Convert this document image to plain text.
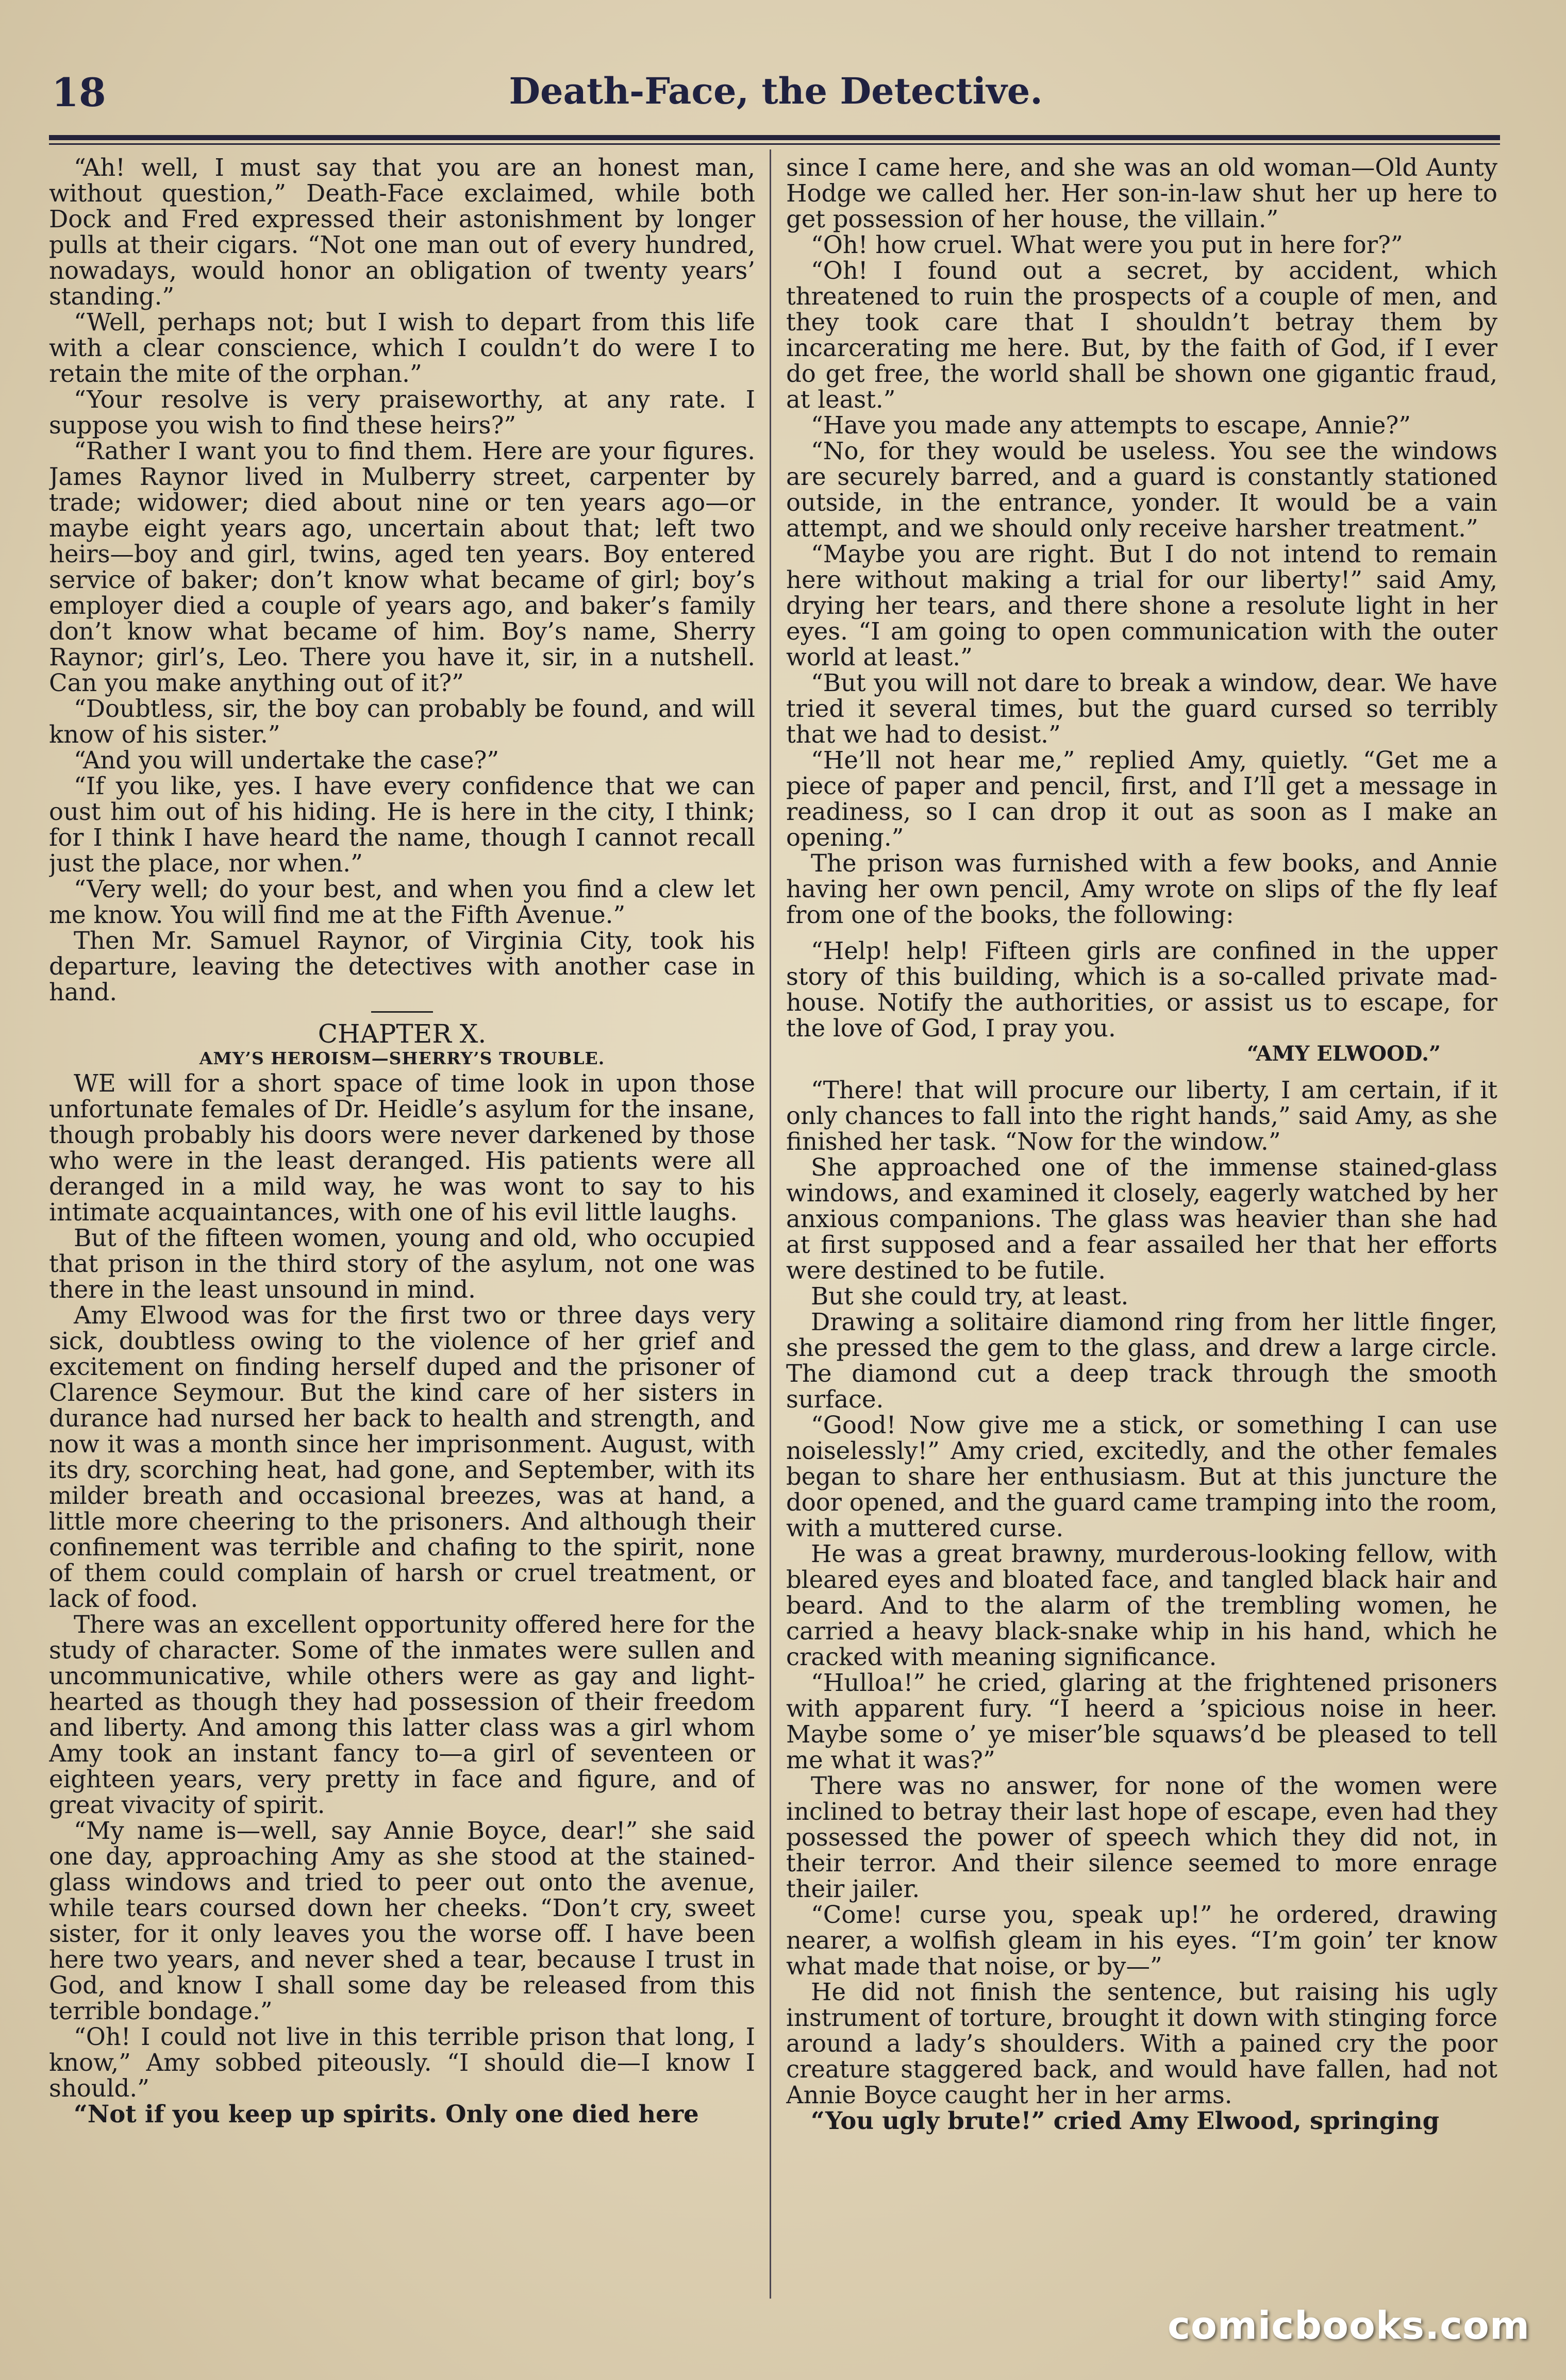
18	Death-Face, the Detective.

“Ah! well, I must say that you are an honest man, without question,” Death-Face exclaimed, while both Dock and Fred expressed their astonishment by longer pulls at their cigars. “Not one man out of every hundred, nowadays, would honor an obligation of twenty years’ standing.”

“Well, perhaps not; but I wish to depart from this life with a clear conscience, which I couldn’t do were I to retain the mite of the orphan.”

“Your resolve is very praiseworthy, at any rate. I suppose you wish to find these heirs?”

“Rather I want you to find them. Here are your figures. James Raynor lived in Mulberry street, carpenter by trade; widower; died about nine or ten years ago—or maybe eight years ago, uncertain about that; left two heirs—boy and girl, twins, aged ten years. Boy entered service of baker; don’t know what became of girl; boy’s employer died a couple of years ago, and baker’s family don’t know what became of him. Boy’s name, Sherry Raynor; girl’s, Leo. There you have it, sir, in a nutshell. Can you make anything out of it?”

“Doubtless, sir, the boy can probably be found, and will know of his sister.”

“And you will undertake the case?”

“If you like, yes. I have every confidence that we can oust him out of his hiding. He is here in the city, I think; for I think I have heard the name, though I cannot recall just the place, nor when.”

“Very well; do your best, and when you find a clew let me know. You will find me at the Fifth Avenue.”

Then Mr. Samuel Raynor, of Virginia City, took his departure, leaving the detectives with another case in hand.

CHAPTER X.

AMY’S HEROISM—SHERRY’S TROUBLE.

WE will for a short space of time look in upon those unfortunate females of Dr. Heidle’s asylum for the insane, though probably his doors were never darkened by those who were in the least deranged. His patients were all deranged in a mild way, he was wont to say to his intimate acquaintances, with one of his evil little laughs.

But of the fifteen women, young and old, who occupied that prison in the third story of the asylum, not one was there in the least unsound in mind.

Amy Elwood was for the first two or three days very sick, doubtless owing to the violence of her grief and excitement on finding herself duped and the prisoner of Clarence Seymour. But the kind care of her sisters in durance had nursed her back to health and strength, and now it was a month since her imprisonment. August, with its dry, scorching heat, had gone, and September, with its milder breath and occasional breezes, was at hand, a little more cheering to the prisoners. And although their confinement was terrible and chafing to the spirit, none of them could complain of harsh or cruel treatment, or lack of food.

There was an excellent opportunity offered here for the study of character. Some of the inmates were sullen and uncommunicative, while others were as gay and light-hearted as though they had possession of their freedom and liberty. And among this latter class was a girl whom Amy took an instant fancy to—a girl of seventeen or eighteen years, very pretty in face and figure, and of great vivacity of spirit.

“My name is—well, say Annie Boyce, dear!” she said one day, approaching Amy as she stood at the stained-glass windows and tried to peer out onto the avenue, while tears coursed down her cheeks. “Don’t cry, sweet sister, for it only leaves you the worse off. I have been here two years, and never shed a tear, because I trust in God, and know I shall some day be released from this terrible bondage.”

“Oh! I could not live in this terrible prison that long, I know,” Amy sobbed piteously. “I should die—I know I should.”

“Not if you keep up spirits. Only one died here

since I came here, and she was an old woman—Old Aunty Hodge we called her. Her son-in-law shut her up here to get possession of her house, the villain.”

“Oh! how cruel. What were you put in here for?”

“Oh! I found out a secret, by accident, which threatened to ruin the prospects of a couple of men, and they took care that I shouldn’t betray them by incarcerating me here. But, by the faith of God, if I ever do get free, the world shall be shown one gigantic fraud, at least.”

“Have you made any attempts to escape, Annie?”

“No, for they would be useless. You see the windows are securely barred, and a guard is constantly stationed outside, in the entrance, yonder. It would be a vain attempt, and we should only receive harsher treatment.”

“Maybe you are right. But I do not intend to remain here without making a trial for our liberty!” said Amy, drying her tears, and there shone a resolute light in her eyes. “I am going to open communication with the outer world at least.”

“But you will not dare to break a window, dear. We have tried it several times, but the guard cursed so terribly that we had to desist.”

“He’ll not hear me,” replied Amy, quietly. “Get me a piece of paper and pencil, first, and I’ll get a message in readiness, so I can drop it out as soon as I make an opening.”

The prison was furnished with a few books, and Annie having her own pencil, Amy wrote on slips of the fly leaf from one of the books, the following:

“Help! help! Fifteen girls are confined in the upper story of this building, which is a so-called private mad-house. Notify the authorities, or assist us to escape, for the love of God, I pray you.

“AMY ELWOOD.”

“There! that will procure our liberty, I am certain, if it only chances to fall into the right hands,” said Amy, as she finished her task. “Now for the window.”

She approached one of the immense stained-glass windows, and examined it closely, eagerly watched by her anxious companions. The glass was heavier than she had at first supposed and a fear assailed her that her efforts were destined to be futile.

But she could try, at least.

Drawing a solitaire diamond ring from her little finger, she pressed the gem to the glass, and drew a large circle. The diamond cut a deep track through the smooth surface.

“Good! Now give me a stick, or something I can use noiselessly!” Amy cried, excitedly, and the other females began to share her enthusiasm. But at this juncture the door opened, and the guard came tramping into the room, with a muttered curse.

He was a great brawny, murderous-looking fellow, with bleared eyes and bloated face, and tangled black hair and beard. And to the alarm of the trembling women, he carried a heavy black-snake whip in his hand, which he cracked with meaning significance.

“Hulloa!” he cried, glaring at the frightened prisoners with apparent fury. “I heerd a ’spicious noise in heer. Maybe some o’ ye miser’ble squaws’d be pleased to tell me what it was?”

There was no answer, for none of the women were inclined to betray their last hope of escape, even had they possessed the power of speech which they did not, in their terror. And their silence seemed to more enrage their jailer.

“Come! curse you, speak up!” he ordered, drawing nearer, a wolfish gleam in his eyes. “I’m goin’ ter know what made that noise, or by—”

He did not finish the sentence, but raising his ugly instrument of torture, brought it down with stinging force around a lady’s shoulders. With a pained cry the poor creature staggered back, and would have fallen, had not Annie Boyce caught her in her arms.

“You ugly brute!” cried Amy Elwood, springing

comicbooks.com
